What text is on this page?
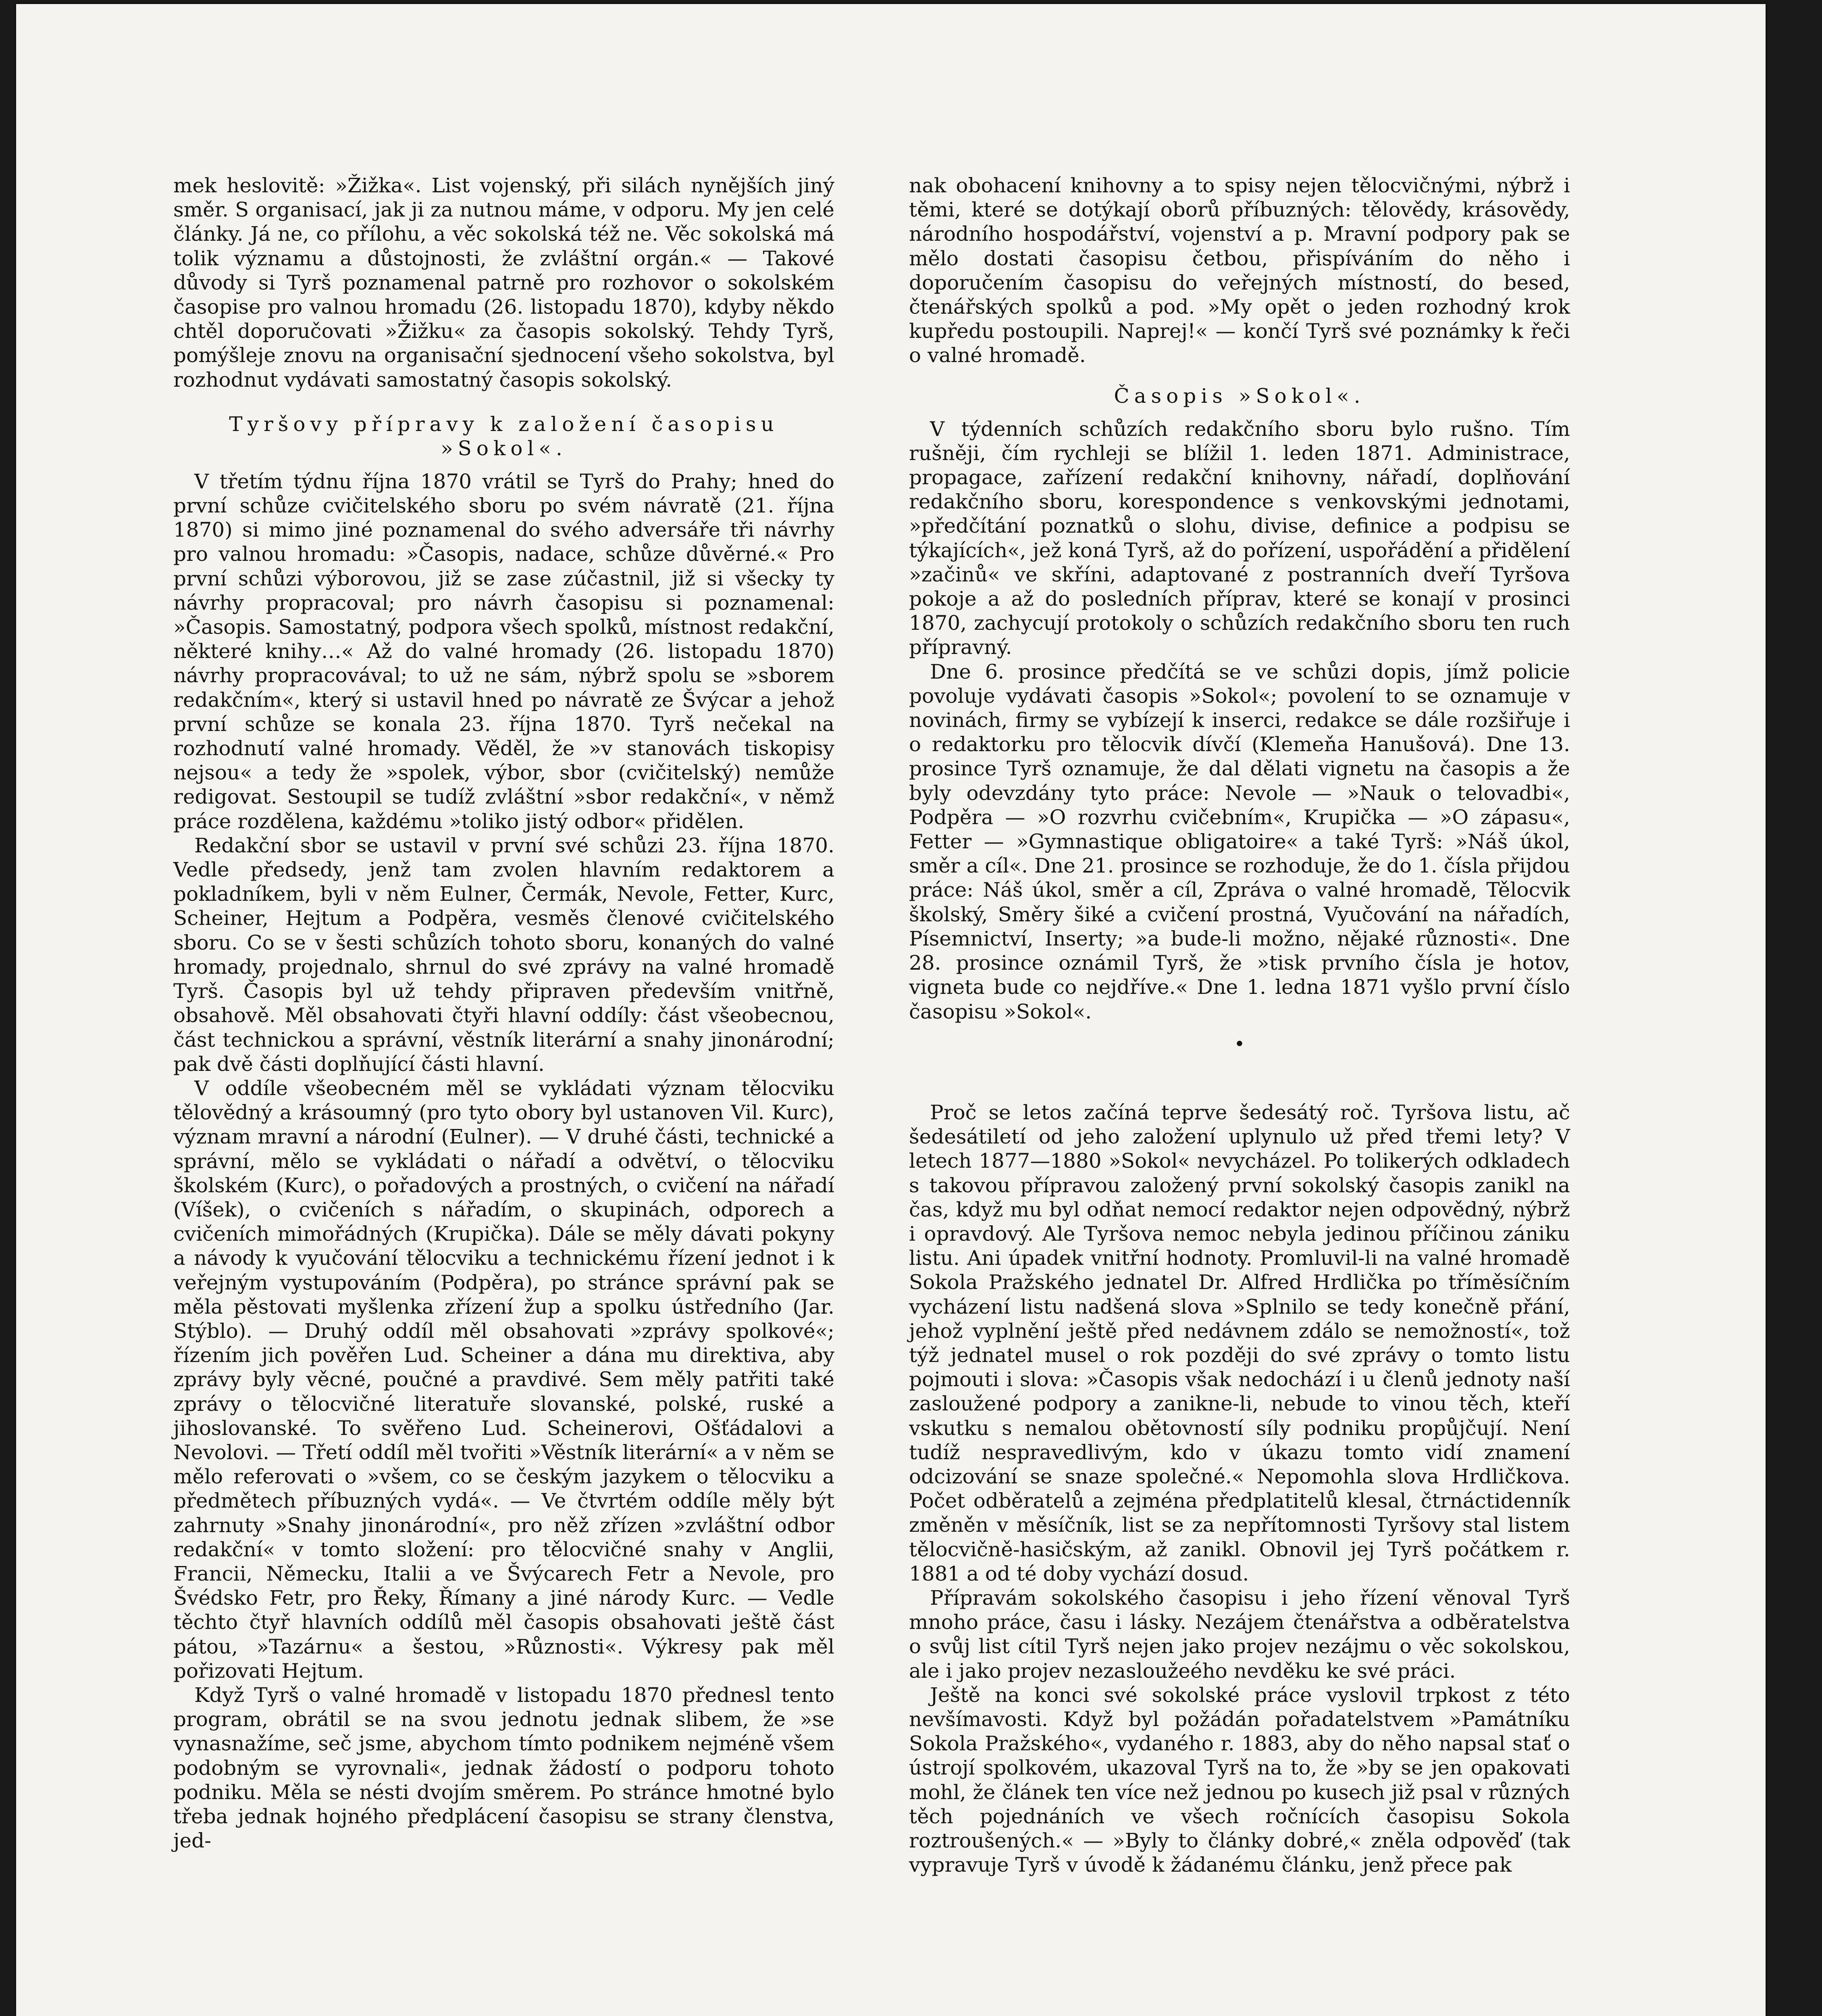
mek heslovitě: »Žižka«. List vojenský, při silách nynějších jiný směr. S organisací, jak ji za nutnou máme, v odporu. My jen celé články. Já ne, co přílohu, a věc sokolská též ne. Věc sokolská má tolik významu a důstojnosti, že zvláštní orgán.« — Takové důvody si Tyrš poznamenal patrně pro rozhovor o sokolském časopise pro valnou hromadu (26. listopadu 1870), kdyby někdo chtěl doporučovati »Žižku« za časopis sokolský. Tehdy Tyrš, pomýšleje znovu na organisační sjednocení všeho sokolstva, byl rozhodnut vydávati samostatný časopis sokolský.

Tyršovy přípravy k založení časopisu »Sokol«.

V třetím týdnu října 1870 vrátil se Tyrš do Prahy; hned do první schůze cvičitelského sboru po svém návratě (21. října 1870) si mimo jiné poznamenal do svého adversáře tři návrhy pro valnou hromadu: »Časopis, nadace, schůze důvěrné.« Pro první schůzi výborovou, již se zase zúčastnil, již si všecky ty návrhy propracoval; pro návrh časopisu si poznamenal: »Časopis. Samostatný, podpora všech spolků, místnost redakční, některé knihy…« Až do valné hromady (26. listopadu 1870) návrhy propracovával; to už ne sám, nýbrž spolu se »sborem redakčním«, který si ustavil hned po návratě ze Švýcar a jehož první schůze se konala 23. října 1870. Tyrš nečekal na rozhodnutí valné hromady. Věděl, že »v stanovách tiskopisy nejsou« a tedy že »spolek, výbor, sbor (cvičitelský) nemůže redigovat. Sestoupil se tudíž zvláštní »sbor redakční«, v němž práce rozdělena, každému »toliko jistý odbor« přidělen.

Redakční sbor se ustavil v první své schůzi 23. října 1870. Vedle předsedy, jenž tam zvolen hlavním redaktorem a pokladníkem, byli v něm Eulner, Čermák, Nevole, Fetter, Kurc, Scheiner, Hejtum a Podpěra, vesměs členové cvičitelského sboru. Co se v šesti schůzích tohoto sboru, konaných do valné hromady, projednalo, shrnul do své zprávy na valné hromadě Tyrš. Časopis byl už tehdy připraven především vnitřně, obsahově. Měl obsahovati čtyři hlavní oddíly: část všeobecnou, část technickou a správní, věstník literární a snahy jinonárodní; pak dvě části doplňující části hlavní.

V oddíle všeobecném měl se vykládati význam tělocviku tělovědný a krásoumný (pro tyto obory byl ustanoven Vil. Kurc), význam mravní a národní (Eulner). — V druhé části, technické a správní, mělo se vykládati o nářadí a odvětví, o tělocviku školském (Kurc), o pořadových a prostných, o cvičení na nářadí (Víšek), o cvičeních s nářadím, o skupinách, odporech a cvičeních mimořádných (Krupička). Dále se měly dávati pokyny a návody k vyučování tělocviku a technickému řízení jednot i k veřejným vystupováním (Podpěra), po stránce správní pak se měla pěstovati myšlenka zřízení žup a spolku ústředního (Jar. Stýblo). — Druhý oddíl měl obsahovati »zprávy spolkové«; řízením jich pověřen Lud. Scheiner a dána mu direktiva, aby zprávy byly věcné, poučné a pravdivé. Sem měly patřiti také zprávy o tělocvičné literatuře slovanské, polské, ruské a jihoslovanské. To svěřeno Lud. Scheinerovi, Ošťádalovi a Nevolovi. — Třetí oddíl měl tvořiti »Věstník literární« a v něm se mělo referovati o »všem, co se českým jazykem o tělocviku a předmětech příbuzných vydá«. — Ve čtvrtém oddíle měly být zahrnuty »Snahy jinonárodní«, pro něž zřízen »zvláštní odbor redakční« v tomto složení: pro tělocvičné snahy v Anglii, Francii, Německu, Italii a ve Švýcarech Fetr a Nevole, pro Švédsko Fetr, pro Řeky, Římany a jiné národy Kurc. — Vedle těchto čtyř hlavních oddílů měl časopis obsahovati ještě část pátou, »Tazárnu« a šestou, »Různosti«. Výkresy pak měl pořizovati Hejtum.

Když Tyrš o valné hromadě v listopadu 1870 přednesl tento program, obrátil se na svou jednotu jednak slibem, že »se vynasnažíme, seč jsme, abychom tímto podnikem nejméně všem podobným se vyrovnali«, jednak žádostí o podporu tohoto podniku. Měla se nésti dvojím směrem. Po stránce hmotné bylo třeba jednak hojného předplácení časopisu se strany členstva, jed-

nak obohacení knihovny a to spisy nejen tělocvičnými, nýbrž i těmi, které se dotýkají oborů příbuzných: tělovědy, krásovědy, národního hospodářství, vojenství a p. Mravní podpory pak se mělo dostati časopisu četbou, přispíváním do něho i doporučením časopisu do veřejných místností, do besed, čtenářských spolků a pod. »My opět o jeden rozhodný krok kupředu postoupili. Naprej!« — končí Tyrš své poznámky k řeči o valné hromadě.

Časopis »Sokol«.

V týdenních schůzích redakčního sboru bylo rušno. Tím rušněji, čím rychleji se blížil 1. leden 1871. Administrace, propagace, zařízení redakční knihovny, nářadí, doplňování redakčního sboru, korespondence s venkovskými jednotami, »předčítání poznatků o slohu, divise, definice a podpisu se týkajících«, jež koná Tyrš, až do pořízení, uspořádění a přidělení »začinů« ve skříni, adaptované z postranních dveří Tyršova pokoje a až do posledních příprav, které se konají v prosinci 1870, zachycují protokoly o schůzích redakčního sboru ten ruch přípravný.

Dne 6. prosince předčítá se ve schůzi dopis, jímž policie povoluje vydávati časopis »Sokol«; povolení to se oznamuje v novinách, firmy se vybízejí k inserci, redakce se dále rozšiřuje i o redaktorku pro tělocvik dívčí (Klemeňa Hanušová). Dne 13. prosince Tyrš oznamuje, že dal dělati vignetu na časopis a že byly odevzdány tyto práce: Nevole — »Nauk o telovadbi«, Podpěra — »O rozvrhu cvičebním«, Krupička — »O zápasu«, Fetter — »Gymnastique obligatoire« a také Tyrš: »Náš úkol, směr a cíl«. Dne 21. prosince se rozhoduje, že do 1. čísla přijdou práce: Náš úkol, směr a cíl, Zpráva o valné hromadě, Tělocvik školský, Směry šiké a cvičení prostná, Vyučování na nářadích, Písemnictví, Inserty; »a bude-li možno, nějaké různosti«. Dne 28. prosince oznámil Tyrš, že »tisk prvního čísla je hotov, vigneta bude co nejdříve.« Dne 1. ledna 1871 vyšlo první číslo časopisu »Sokol«.

•

Proč se letos začíná teprve šedesátý roč. Tyršova listu, ač šedesátiletí od jeho založení uplynulo už před třemi lety? V letech 1877—1880 »Sokol« nevycházel. Po tolikerých odkladech s takovou přípravou založený první sokolský časopis zanikl na čas, když mu byl odňat nemocí redaktor nejen odpovědný, nýbrž i opravdový. Ale Tyršova nemoc nebyla jedinou příčinou zániku listu. Ani úpadek vnitřní hodnoty. Promluvil-li na valné hromadě Sokola Pražského jednatel Dr. Alfred Hrdlička po tříměsíčním vycházení listu nadšená slova »Splnilo se tedy konečně přání, jehož vyplnění ještě před nedávnem zdálo se nemožností«, tož týž jednatel musel o rok později do své zprávy o tomto listu pojmouti i slova: »Časopis však nedochází i u členů jednoty naší zasloužené podpory a zanikne-li, nebude to vinou těch, kteří vskutku s nemalou obětovností síly podniku propůjčují. Není tudíž nespravedlivým, kdo v úkazu tomto vidí znamení odcizování se snaze společné.« Nepomohla slova Hrdličkova. Počet odběratelů a zejména předplatitelů klesal, čtrnáctidenník změněn v měsíčník, list se za nepřítomnosti Tyršovy stal listem tělocvičně-hasičským, až zanikl. Obnovil jej Tyrš počátkem r. 1881 a od té doby vychází dosud.

Přípravám sokolského časopisu i jeho řízení věnoval Tyrš mnoho práce, času i lásky. Nezájem čtenářstva a odběratelstva o svůj list cítil Tyrš nejen jako projev nezájmu o věc sokolskou, ale i jako projev nezasloužeého nevděku ke své práci.

Ještě na konci své sokolské práce vyslovil trpkost z této nevšímavosti. Když byl požádán pořadatelstvem »Památníku Sokola Pražského«, vydaného r. 1883, aby do něho napsal stať o ústrojí spolkovém, ukazoval Tyrš na to, že »by se jen opakovati mohl, že článek ten více než jednou po kusech již psal v různých těch pojednáních ve všech ročnících časopisu Sokola roztroušených.« — »Byly to články dobré,« zněla odpověď (tak vypravuje Tyrš v úvodě k žádanému článku, jenž přece pak
